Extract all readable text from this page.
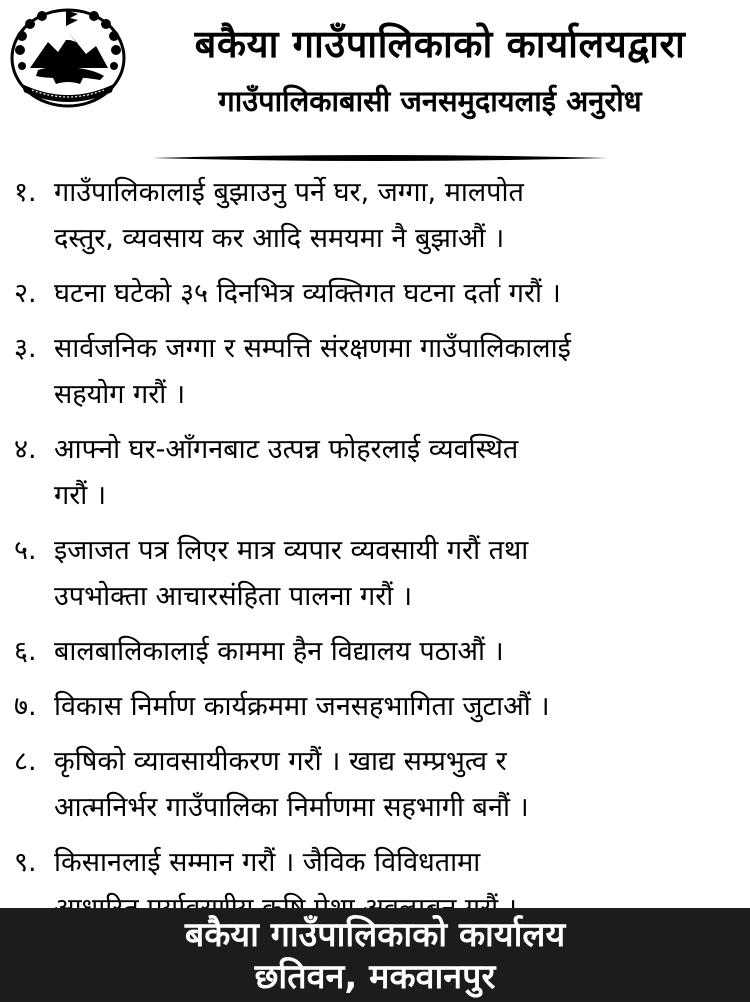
बकैया गाउँपालिकाको कार्यालयद्वारा
गाउँपालिकाबासी जनसमुदायलाई अनुरोध
१. गाउँपालिकालाई बुझाउनु पर्ने घर, जग्गा, मालपोत
दस्तुर, व्यवसाय कर आदि समयमा नै बुझाऔं ।
२. घटना घटेको ३५ दिनभित्र व्यक्तिगत घटना दर्ता गरौं ।
३. सार्वजनिक जग्गा र सम्पत्ति संरक्षणमा गाउँपालिकालाई
सहयोग गरौं ।
४. आफ्नो घर-आँगनबाट उत्पन्न फोहरलाई व्यवस्थित
गरौं ।
५. इजाजत पत्र लिएर मात्र व्यपार व्यवसायी गरौं तथा
उपभोक्ता आचारसंहिता पालना गरौं ।
६. बालबालिकालाई काममा हैन विद्यालय पठाऔं ।
७. विकास निर्माण कार्यक्रममा जनसहभागिता जुटाऔं ।
८. कृषिको व्यावसायीकरण गरौं । खाद्य सम्प्रभुत्व र
आत्मनिर्भर गाउँपालिका निर्माणमा सहभागी बनौं ।
९. किसानलाई सम्मान गरौं । जैविक विविधतामा
बकैया गाउँपालिकाको कार्यालय
छतिवन, मकवानपुर
